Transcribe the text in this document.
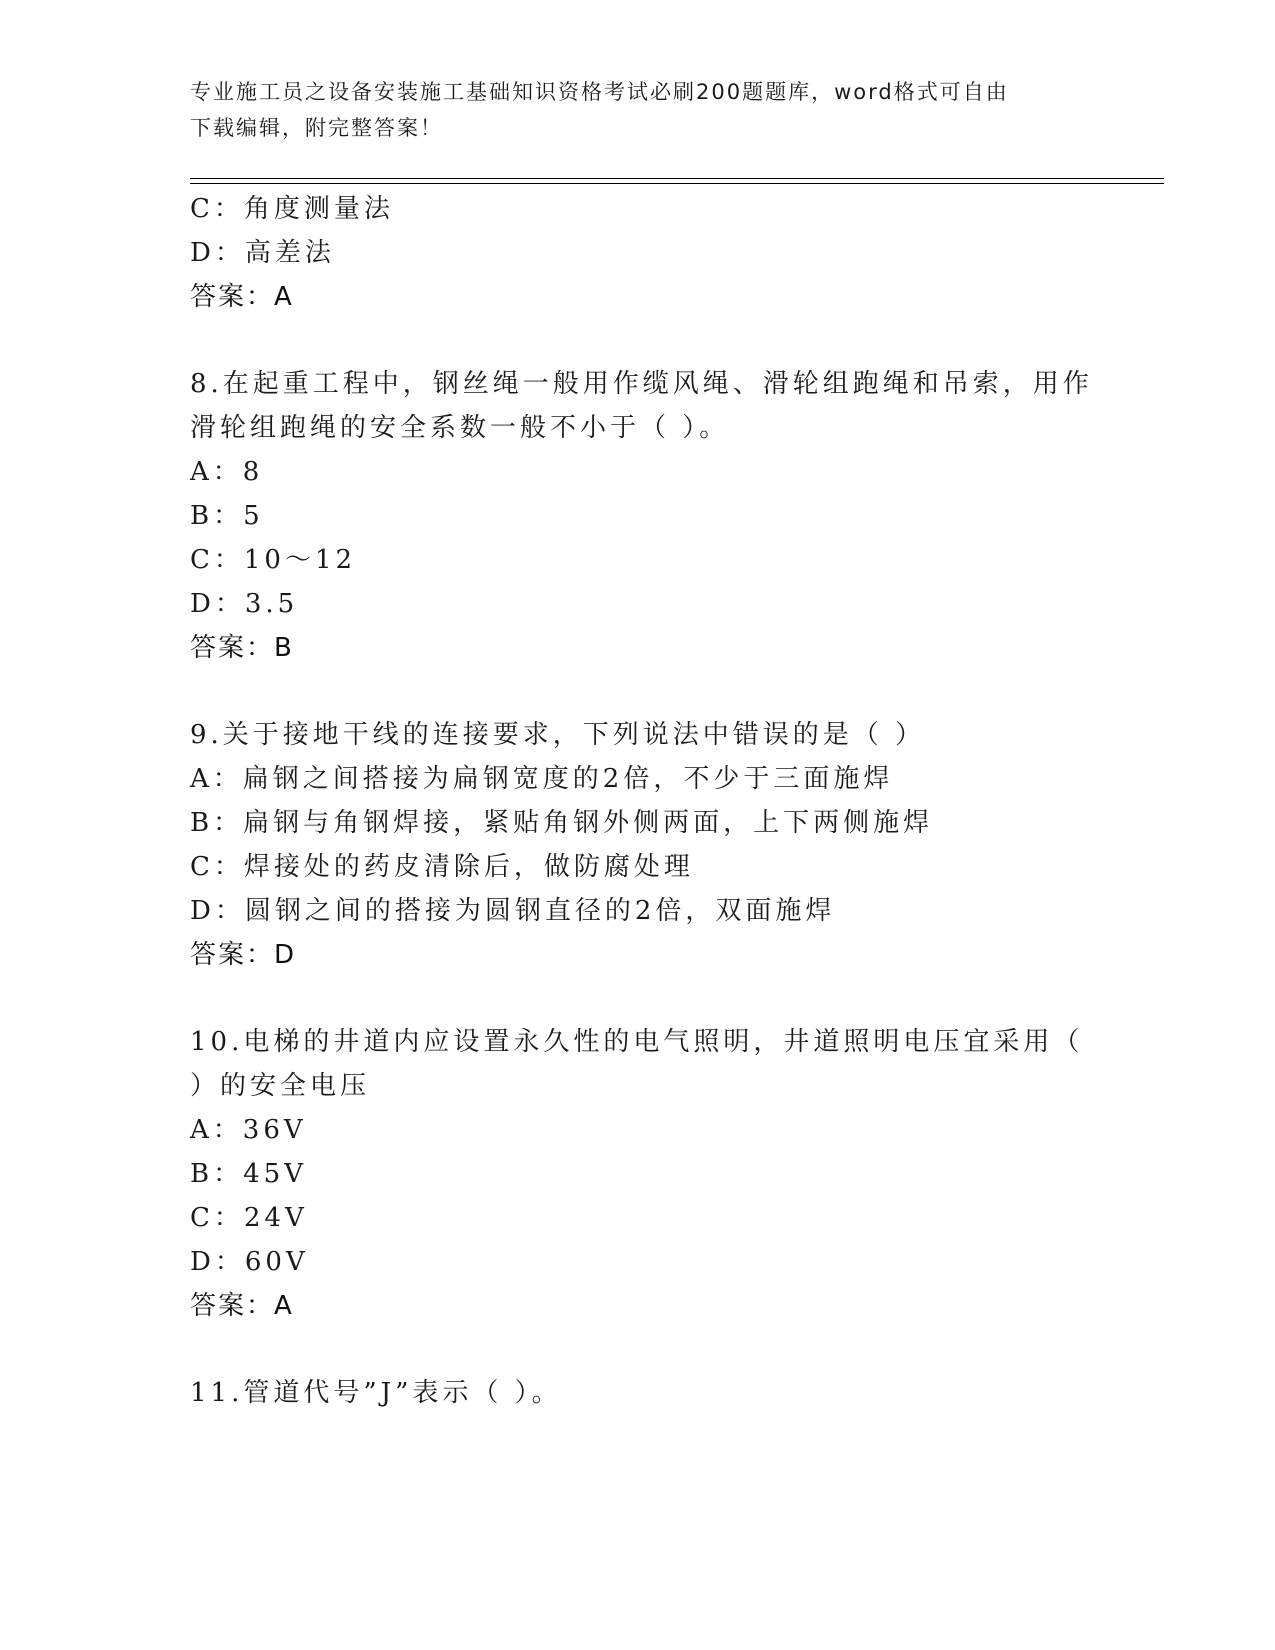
专业施工员之设备安装施工基础知识资格考试必刷200题题库，word格式可自由
下载编辑，附完整答案！
C：角度测量法
D：高差法
答案：A
8.在起重工程中，钢丝绳一般用作缆风绳、滑轮组跑绳和吊索，用作
滑轮组跑绳的安全系数一般不小于（ ）。
A：8
B：5
C：10～12
D：3.5
答案：B
9.关于接地干线的连接要求，下列说法中错误的是（ ）
A：扁钢之间搭接为扁钢宽度的2倍，不少于三面施焊
B：扁钢与角钢焊接，紧贴角钢外侧两面，上下两侧施焊
C：焊接处的药皮清除后，做防腐处理
D：圆钢之间的搭接为圆钢直径的2倍，双面施焊
答案：D
10.电梯的井道内应设置永久性的电气照明，井道照明电压宜采用（
）的安全电压
A：36V
B：45V
C：24V
D：60V
答案：A
11.管道代号”J”表示（ ）。
